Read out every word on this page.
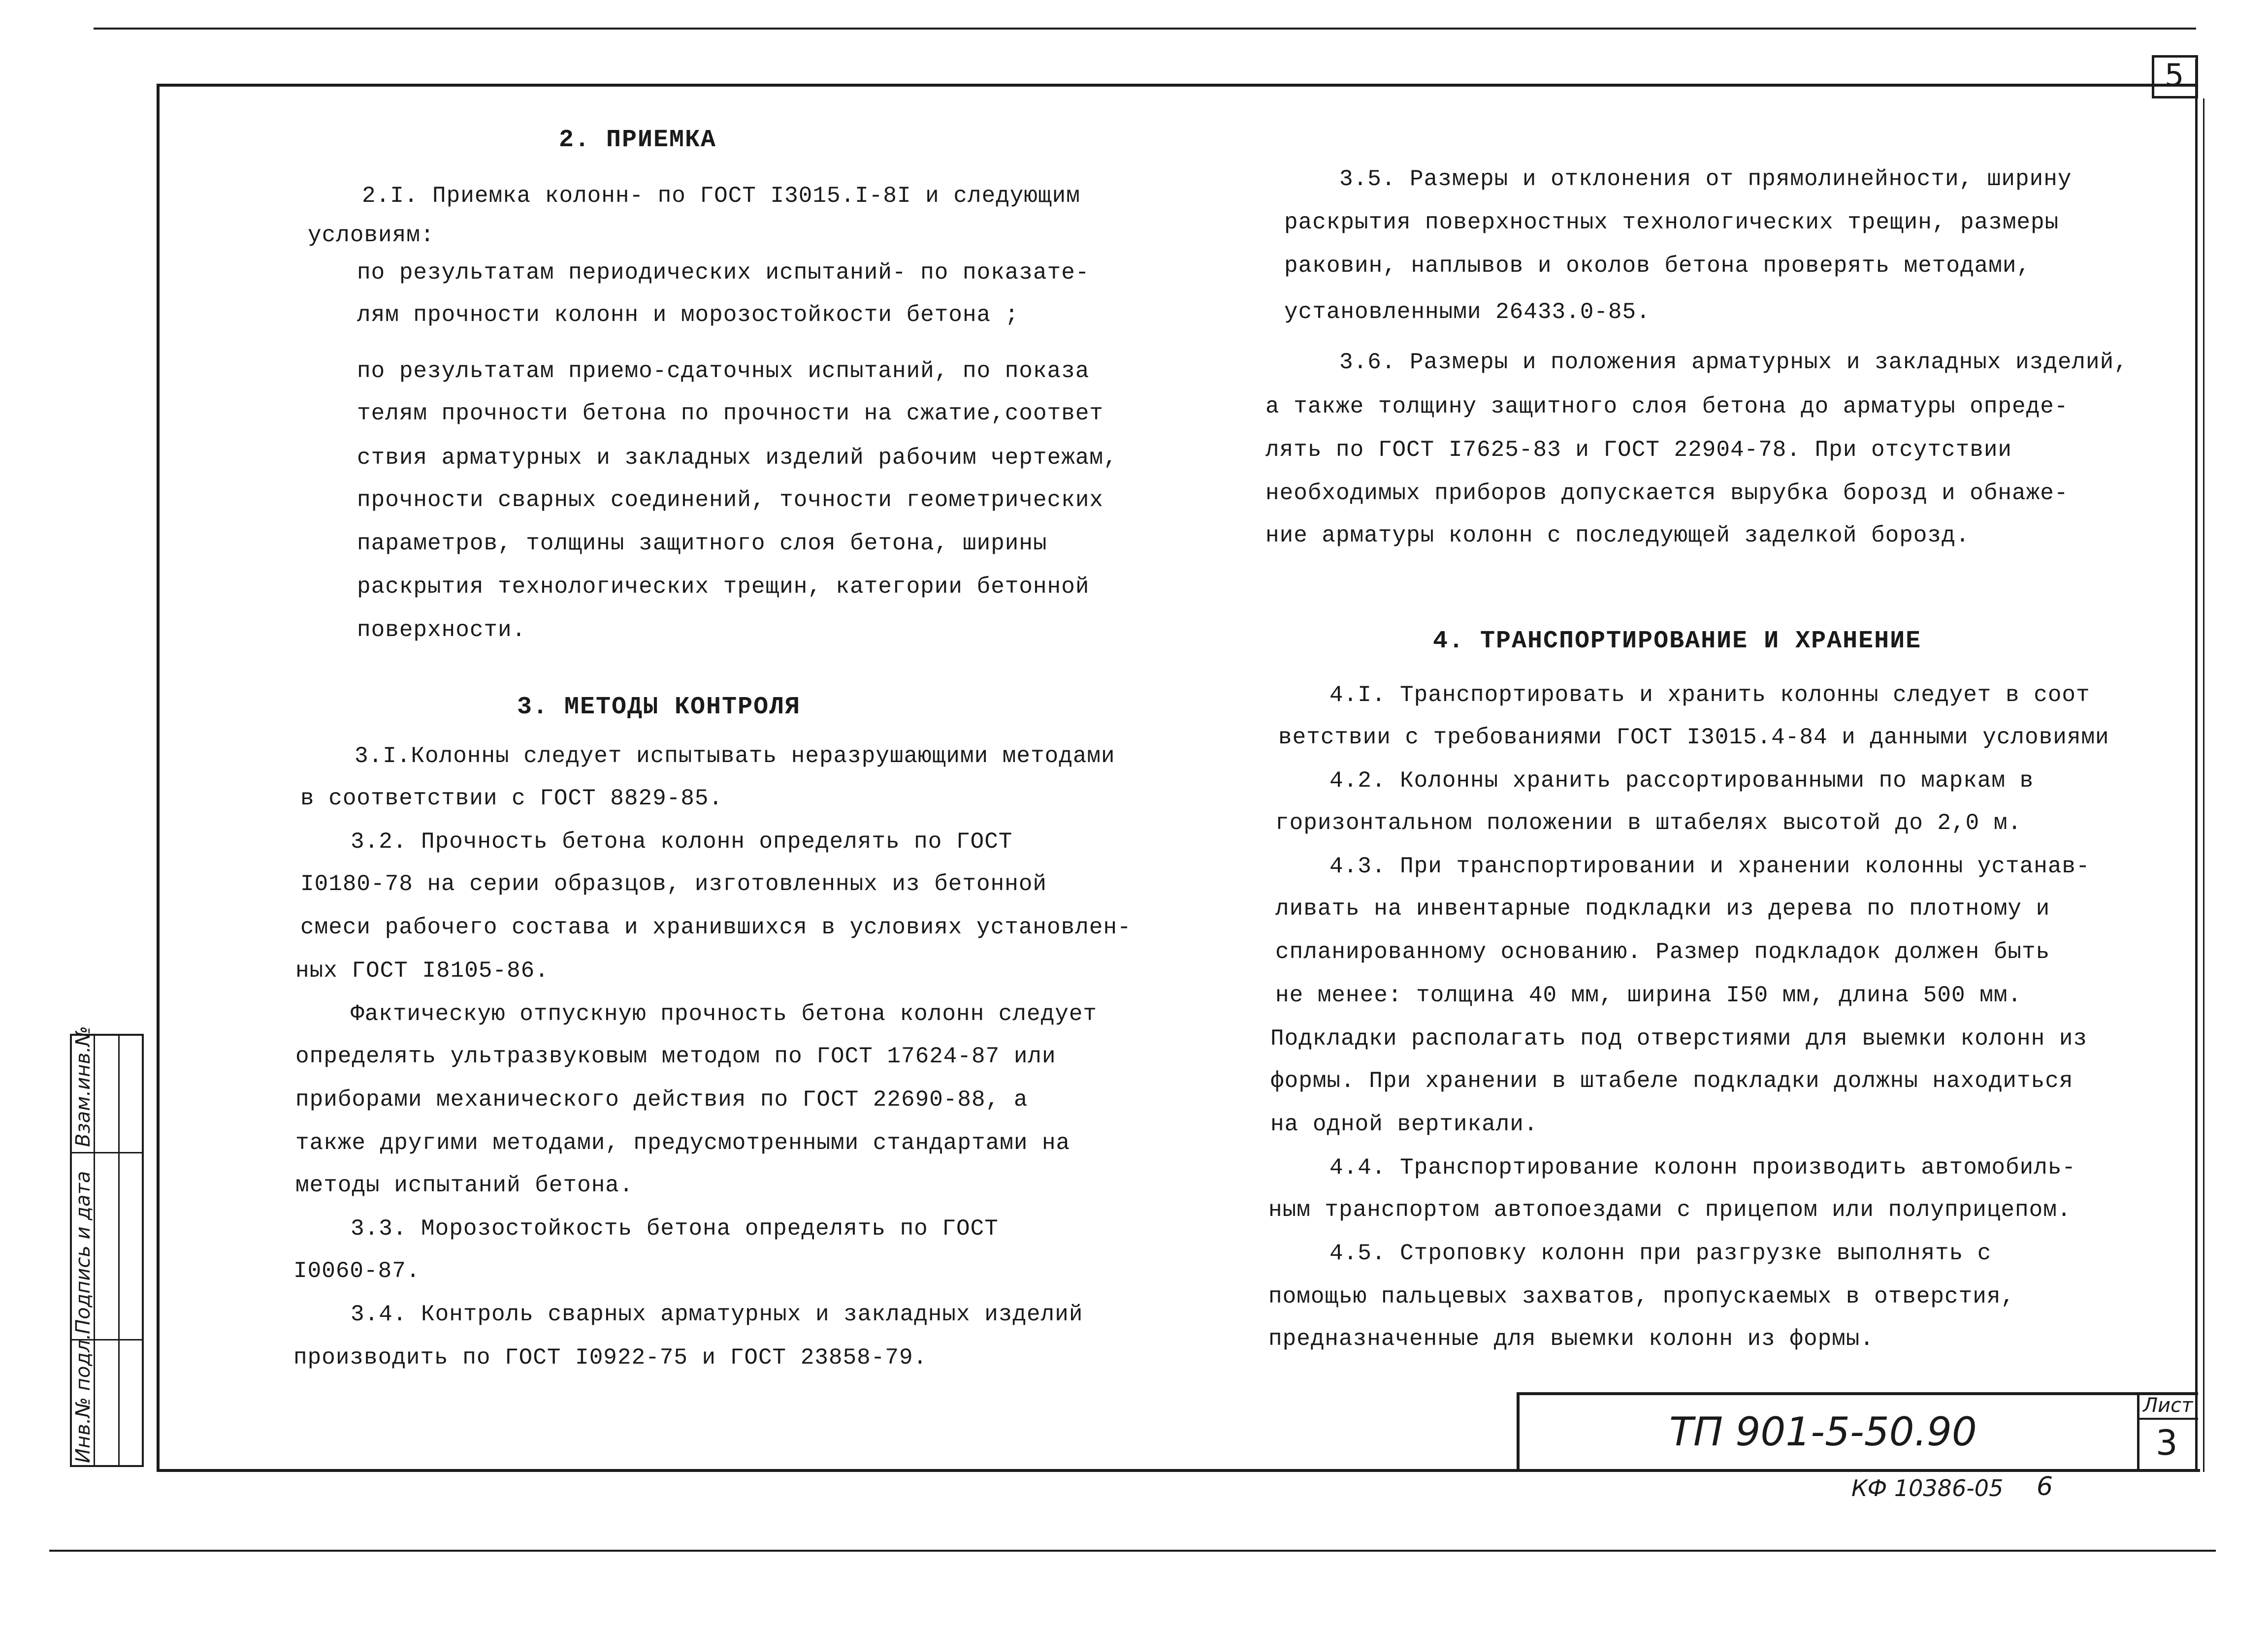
5
Взам.инв.№
Подпись и дата
Инв.№ подл.	ТП 901-5-50.90
Лист
3
КФ 10386-05 6
2. ПРИЕМКА
2.I. Приемка колонн- по ГОСТ I3015.I-8I и следующим
условиям:
по результатам периодических испытаний- по показате-
лям прочности колонн и морозостойкости бетона ;
по результатам приемо-сдаточных испытаний, по показа
телям прочности бетона по прочности на сжатие,соответ
ствия арматурных и закладных изделий рабочим чертежам,
прочности сварных соединений, точности геометрических
параметров, толщины защитного слоя бетона, ширины
раскрытия технологических трещин, категории бетонной
поверхности.
3. МЕТОДЫ КОНТРОЛЯ
3.I.Колонны следует испытывать неразрушающими методами
в соответствии с ГОСТ 8829-85.
3.2. Прочность бетона колонн определять по ГОСТ
I0180-78 на серии образцов, изготовленных из бетонной
смеси рабочего состава и хранившихся в условиях установлен-
ных ГОСТ I8105-86.
Фактическую отпускную прочность бетона колонн следует
определять ультразвуковым методом по ГОСТ 17624-87 или
приборами механического действия по ГОСТ 22690-88, а
также другими методами, предусмотренными стандартами на
методы испытаний бетона.
3.3. Морозостойкость бетона определять по ГОСТ
I0060-87.
3.4. Контроль сварных арматурных и закладных изделий
производить по ГОСТ I0922-75 и ГОСТ 23858-79.
3.5. Размеры и отклонения от прямолинейности, ширину
раскрытия поверхностных технологических трещин, размеры
раковин, наплывов и околов бетона проверять методами,
установленными 26433.0-85.
3.6. Размеры и положения арматурных и закладных изделий,
а также толщину защитного слоя бетона до арматуры опреде-
лять по ГОСТ I7625-83 и ГОСТ 22904-78. При отсутствии
необходимых приборов допускается вырубка борозд и обнаже-
ние арматуры колонн с последующей заделкой борозд.
4. ТРАНСПОРТИРОВАНИЕ И ХРАНЕНИЕ
4.I. Транспортировать и хранить колонны следует в соот
ветствии с требованиями ГОСТ I3015.4-84 и данными условиями
4.2. Колонны хранить рассортированными по маркам в
горизонтальном положении в штабелях высотой до 2,0 м.
4.3. При транспортировании и хранении колонны устанав-
ливать на инвентарные подкладки из дерева по плотному и
спланированному основанию. Размер подкладок должен быть
не менее: толщина 40 мм, ширина I50 мм, длина 500 мм.
Подкладки располагать под отверстиями для выемки колонн из
формы. При хранении в штабеле подкладки должны находиться
на одной вертикали.
4.4. Транспортирование колонн производить автомобиль-
ным транспортом автопоездами с прицепом или полуприцепом.
4.5. Строповку колонн при разгрузке выполнять с
помощью пальцевых захватов, пропускаемых в отверстия,
предназначенные для выемки колонн из формы.
